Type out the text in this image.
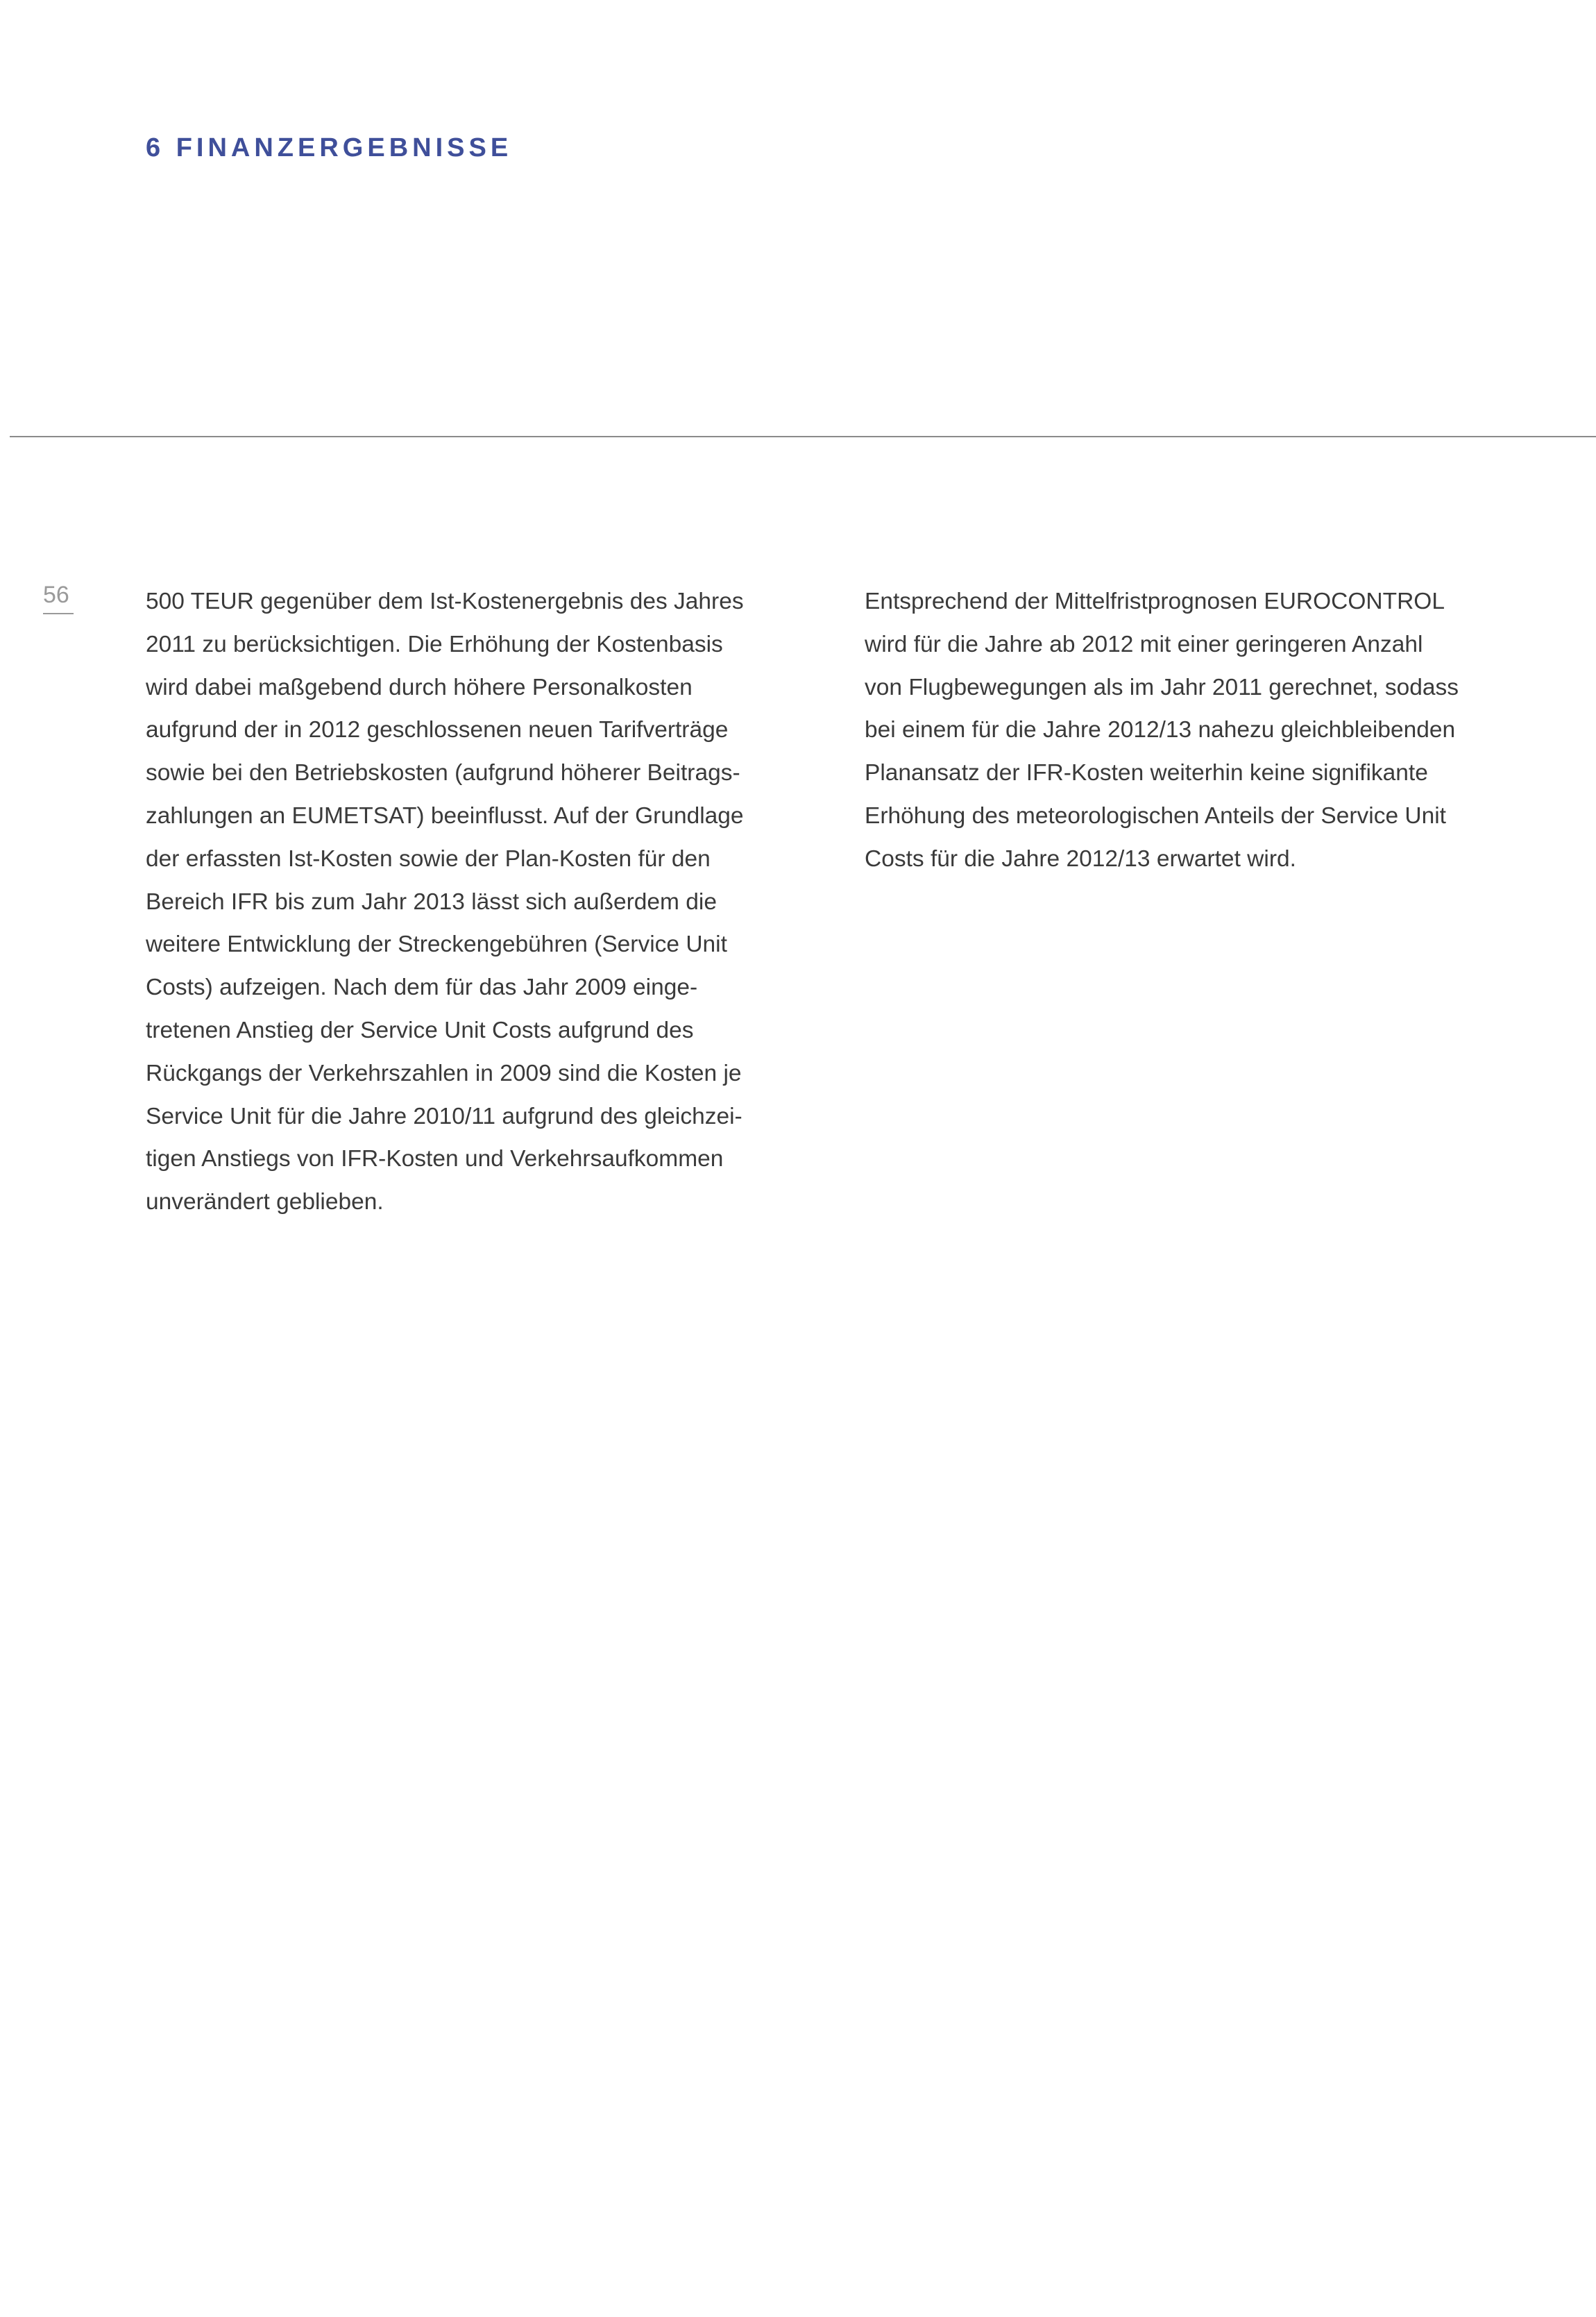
6 FINANZERGEBNISSE
56	500 TEUR gegenüber dem Ist-Kostenergebnis des Jahres
2011 zu berücksichtigen. Die Erhöhung der Kostenbasis
wird dabei maßgebend durch höhere Personalkosten
aufgrund der in 2012 geschlossenen neuen Tarifverträge
sowie bei den Betriebskosten (aufgrund höherer Beitrags-
zahlungen an EUMETSAT) beeinflusst. Auf der Grundlage
der erfassten Ist-Kosten sowie der Plan-Kosten für den
Bereich IFR bis zum Jahr 2013 lässt sich außerdem die
weitere Entwicklung der Streckengebühren (Service Unit
Costs) aufzeigen. Nach dem für das Jahr 2009 einge-
tretenen Anstieg der Service Unit Costs aufgrund des
Rückgangs der Verkehrszahlen in 2009 sind die Kosten je
Service Unit für die Jahre 2010/11 aufgrund des gleichzei-
tigen Anstiegs von IFR-Kosten und Verkehrsaufkommen
unverändert geblieben.
Entsprechend der Mittelfristprognosen EUROCONTROL
wird für die Jahre ab 2012 mit einer geringeren Anzahl
von Flugbewegungen als im Jahr 2011 gerechnet, sodass
bei einem für die Jahre 2012/13 nahezu gleichbleibenden
Planansatz der IFR-Kosten weiterhin keine signifikante
Erhöhung des meteorologischen Anteils der Service Unit
Costs für die Jahre 2012/13 erwartet wird.
